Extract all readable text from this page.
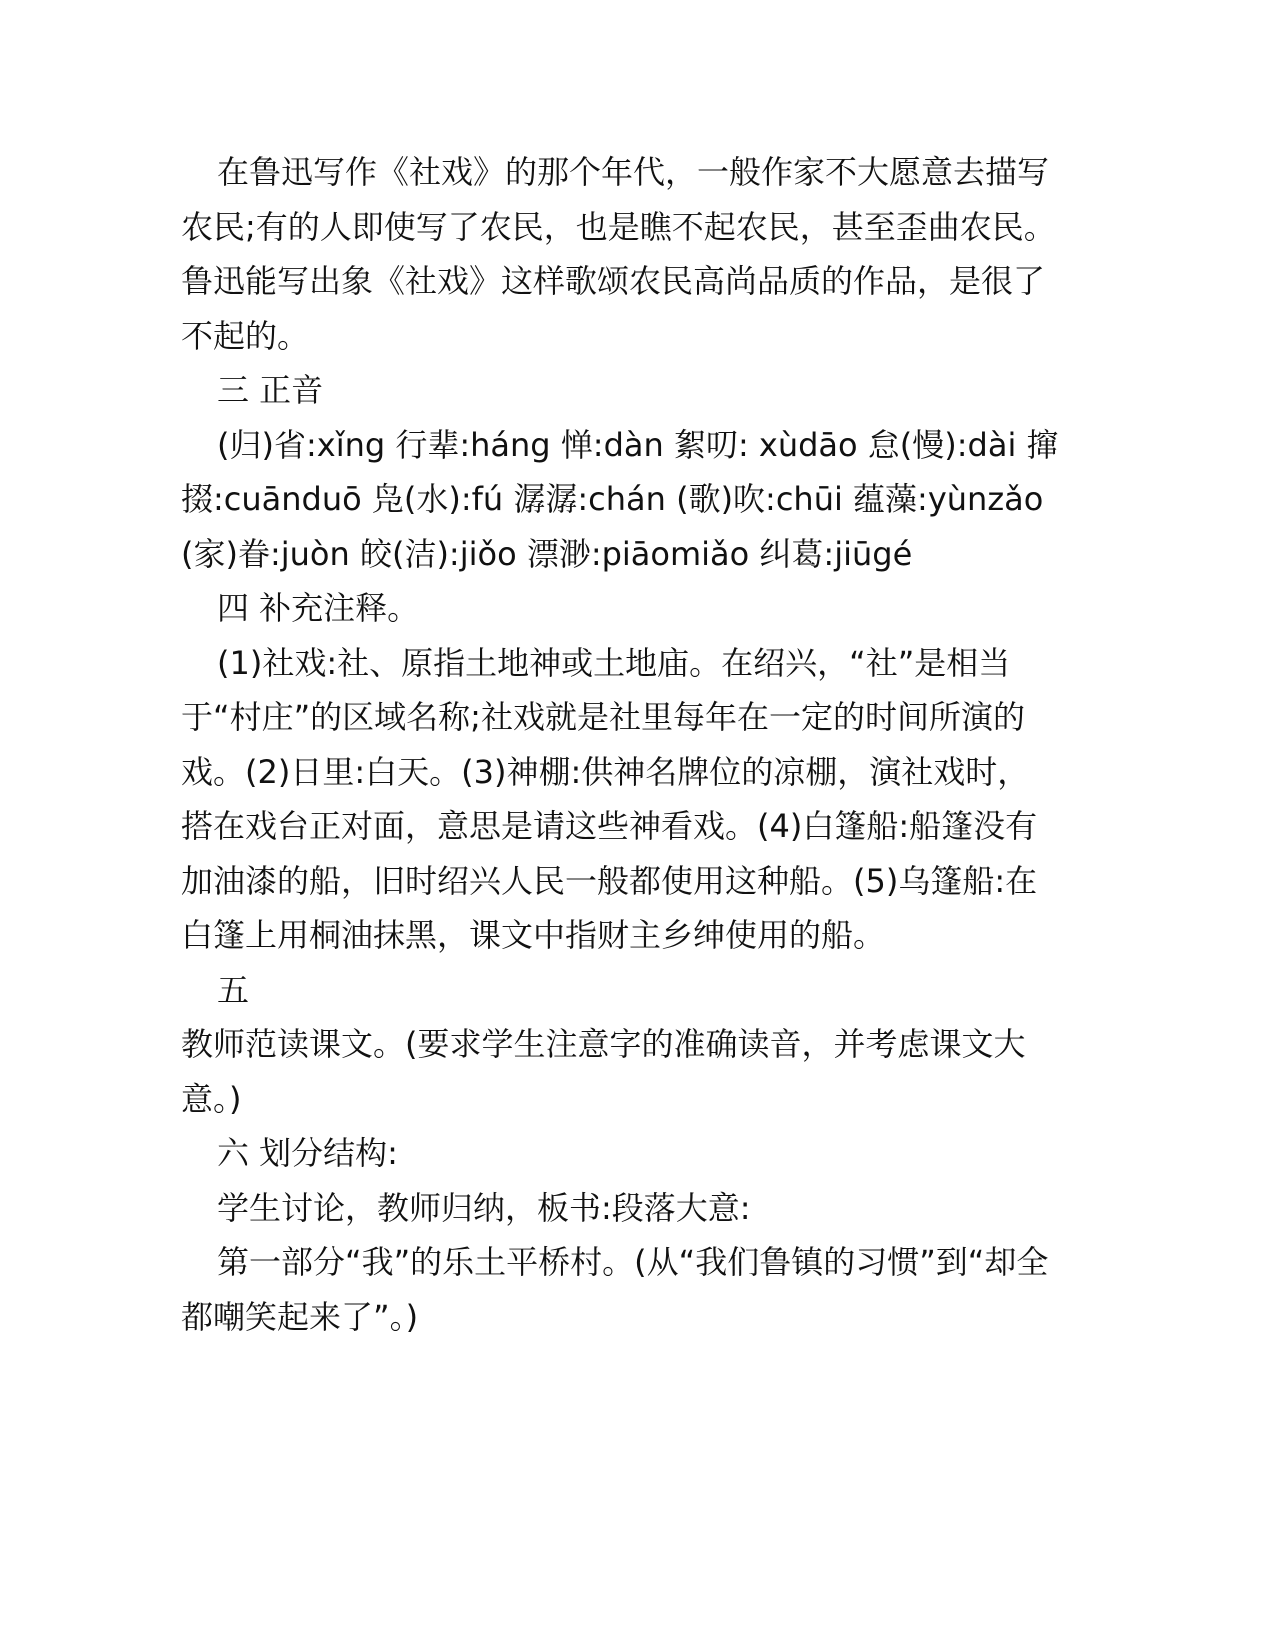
在鲁迅写作《社戏》的那个年代，一般作家不大愿意去描写农民;有的人即使写了农民，也是瞧不起农民，甚至歪曲农民。鲁迅能写出象《社戏》这样歌颂农民高尚品质的作品，是很了不起的。

三 正音

(归)省:xǐng 行辈:háng 惮:dàn 絮叨: xùdāo 怠(慢):dài 撺掇:cuānduō 凫(水):fú 潺潺:chán (歌)吹:chūi 蕴藻:yùnzǎo (家)眷:juòn 皎(洁):jiǒo 漂渺:piāomiǎo 纠葛:jiūgé

四 补充注释。

(1)社戏:社、原指土地神或土地庙。在绍兴，“社”是相当于“村庄”的区域名称;社戏就是社里每年在一定的时间所演的戏。(2)日里:白天。(3)神棚:供神名牌位的凉棚，演社戏时，搭在戏台正对面，意思是请这些神看戏。(4)白篷船:船篷没有加油漆的船，旧时绍兴人民一般都使用这种船。(5)乌篷船:在白篷上用桐油抹黑，课文中指财主乡绅使用的船。

五

教师范读课文。(要求学生注意字的准确读音，并考虑课文大意。)

六 划分结构:

学生讨论，教师归纳，板书:段落大意:

第一部分“我”的乐土平桥村。(从“我们鲁镇的习惯”到“却全都嘲笑起来了”。)
